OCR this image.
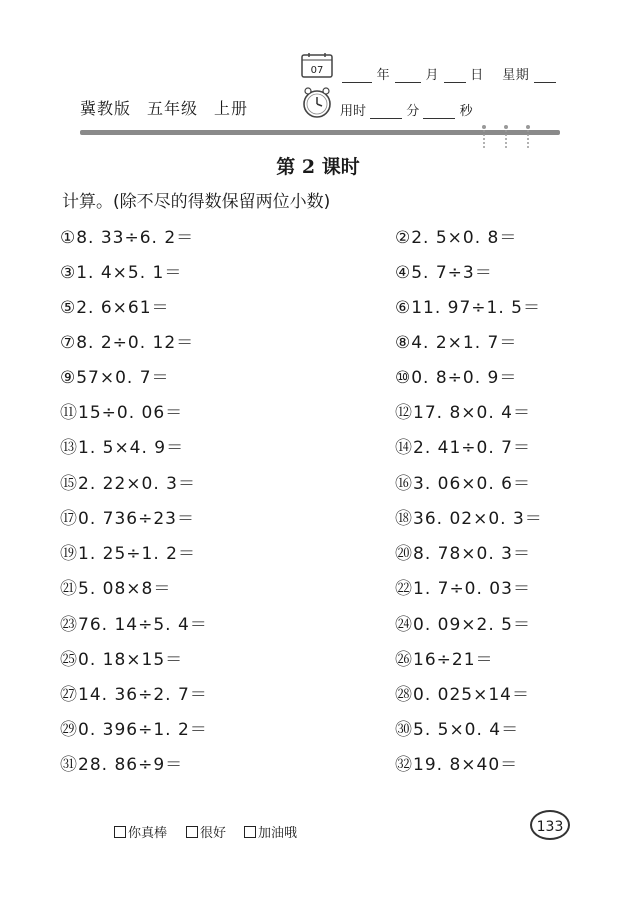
07	年	月 日 星期
冀教版 五年级 上册	用时	分	秒
第 2 课时
计算。(除不尽的得数保留两位小数)
①8. 33÷6. 2＝	②2. 5×0. 8＝
③1. 4×5. 1＝	④5. 7÷3＝
⑤2. 6×61＝	⑥11. 97÷1. 5＝
⑦8. 2÷0. 12＝	⑧4. 2×1. 7＝
⑨57×0. 7＝	⑩0. 8÷0. 9＝
⑪15÷0. 06＝	⑫17. 8×0. 4＝
⑬1. 5×4. 9＝	⑭2. 41÷0. 7＝
⑮2. 22×0. 3＝	⑯3. 06×0. 6＝
⑰0. 736÷23＝	⑱36. 02×0. 3＝
⑲1. 25÷1. 2＝	⑳8. 78×0. 3＝
㉑5. 08×8＝	㉒1. 7÷0. 03＝
㉓76. 14÷5. 4＝	㉔0. 09×2. 5＝
㉕0. 18×15＝	㉖16÷21＝
㉗14. 36÷2. 7＝	㉘0. 025×14＝
㉙0. 396÷1. 2＝	㉚5. 5×0. 4＝
㉛28. 86÷9＝	㉜19. 8×40＝
你真棒	很好	加油哦	133
